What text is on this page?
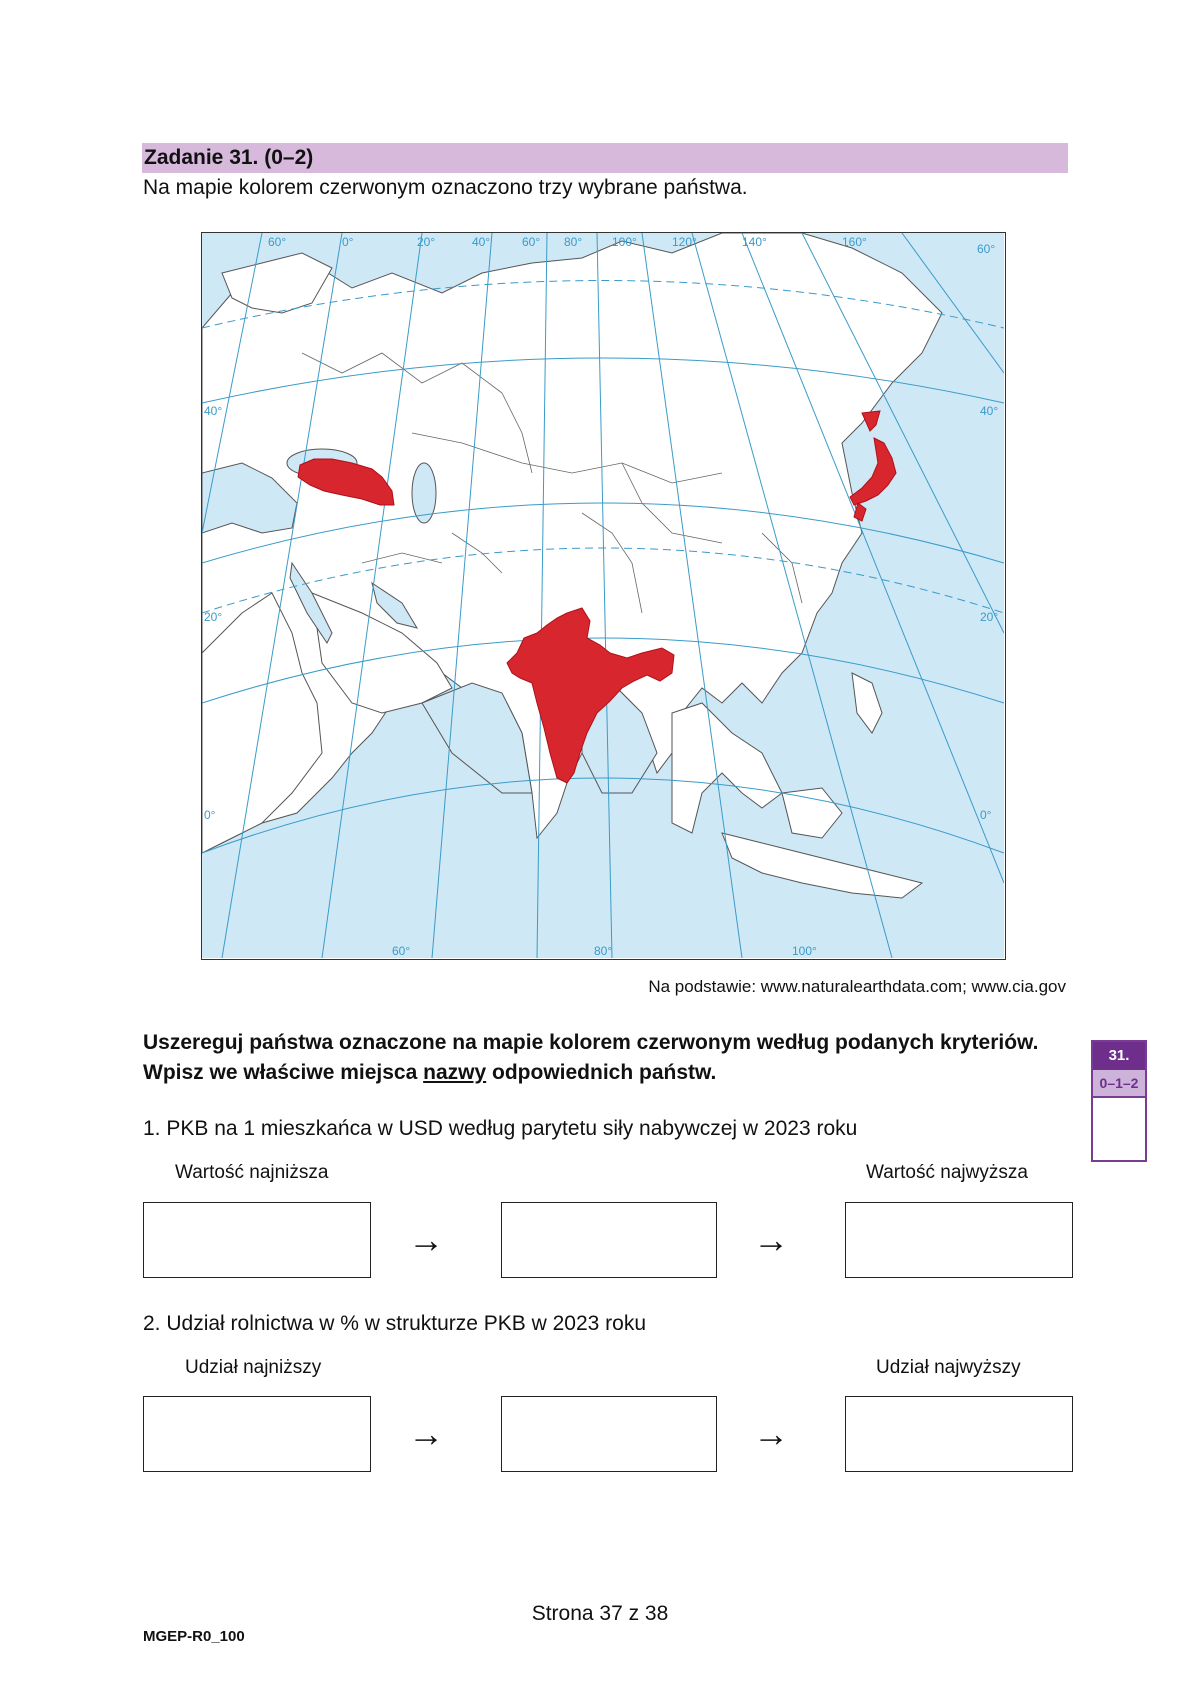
Zadanie 31. (0–2)
Na mapie kolorem czerwonym oznaczono trzy wybrane państwa.
60°	0°	20°	40°	60° 80° 100°	120°	140°	160°	60°
40°
20°
0°
40°
20°
0°
60°	80°	100°
Na podstawie: www.naturalearthdata.com; www.cia.gov
Uszereguj państwa oznaczone na mapie kolorem czerwonym według podanych kryteriów. Wpisz we właściwe miejsca nazwy odpowiednich państw.
31.
0–1–2
1. PKB na 1 mieszkańca w USD według parytetu siły nabywczej w 2023 roku
Wartość najniższa	Wartość najwyższa
→	→
2. Udział rolnictwa w % w strukturze PKB w 2023 roku
Udział najniższy	Udział najwyższy
→	→
Strona 37 z 38
MGEP-R0_100
